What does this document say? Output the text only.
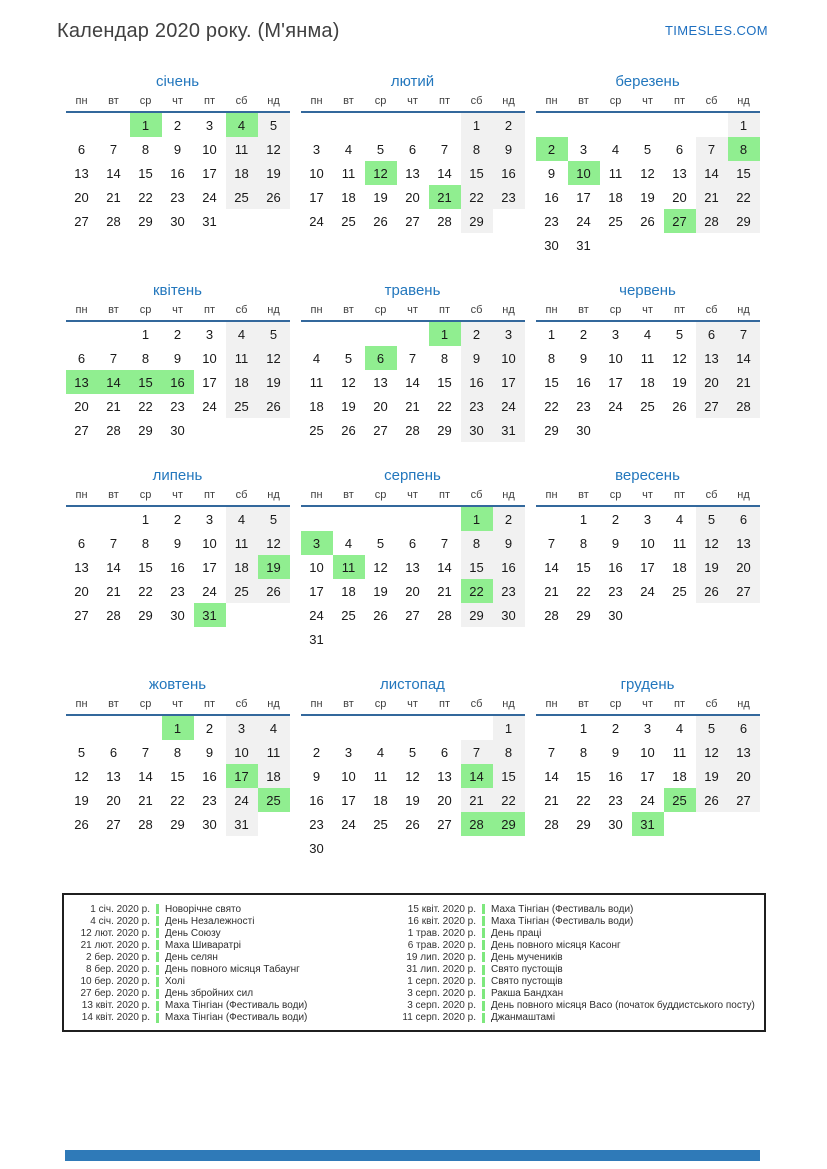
Календар 2020 року. (М'янма)	TIMESLES.COM
січень
пн	вт	ср	чт	пт	сб	нд
		1	2	3	4	5
6	7	8	9	10	11	12
13	14	15	16	17	18	19
20	21	22	23	24	25	26
27	28	29	30	31		
лютий
пн	вт	ср	чт	пт	сб	нд
					1	2
3	4	5	6	7	8	9
10	11	12	13	14	15	16
17	18	19	20	21	22	23
24	25	26	27	28	29	
березень
пн	вт	ср	чт	пт	сб	нд
						1
2	3	4	5	6	7	8
9	10	11	12	13	14	15
16	17	18	19	20	21	22
23	24	25	26	27	28	29
30	31					
квітень
пн	вт	ср	чт	пт	сб	нд
		1	2	3	4	5
6	7	8	9	10	11	12
13	14	15	16	17	18	19
20	21	22	23	24	25	26
27	28	29	30			
травень
пн	вт	ср	чт	пт	сб	нд
				1	2	3
4	5	6	7	8	9	10
11	12	13	14	15	16	17
18	19	20	21	22	23	24
25	26	27	28	29	30	31
червень
пн	вт	ср	чт	пт	сб	нд
1	2	3	4	5	6	7
8	9	10	11	12	13	14
15	16	17	18	19	20	21
22	23	24	25	26	27	28
29	30					
липень
пн	вт	ср	чт	пт	сб	нд
		1	2	3	4	5
6	7	8	9	10	11	12
13	14	15	16	17	18	19
20	21	22	23	24	25	26
27	28	29	30	31		
серпень
пн	вт	ср	чт	пт	сб	нд
					1	2
3	4	5	6	7	8	9
10	11	12	13	14	15	16
17	18	19	20	21	22	23
24	25	26	27	28	29	30
31						
вересень
пн	вт	ср	чт	пт	сб	нд
	1	2	3	4	5	6
7	8	9	10	11	12	13
14	15	16	17	18	19	20
21	22	23	24	25	26	27
28	29	30				
жовтень
пн	вт	ср	чт	пт	сб	нд
			1	2	3	4
5	6	7	8	9	10	11
12	13	14	15	16	17	18
19	20	21	22	23	24	25
26	27	28	29	30	31	
листопад
пн	вт	ср	чт	пт	сб	нд
						1
2	3	4	5	6	7	8
9	10	11	12	13	14	15
16	17	18	19	20	21	22
23	24	25	26	27	28	29
30						
грудень
пн	вт	ср	чт	пт	сб	нд
	1	2	3	4	5	6
7	8	9	10	11	12	13
14	15	16	17	18	19	20
21	22	23	24	25	26	27
28	29	30	31			
1 січ. 2020 р. Новорічне свято
4 січ. 2020 р. День Незалежності
12 лют. 2020 р. День Союзу
21 лют. 2020 р. Маха Шиваратрі
2 бер. 2020 р. День селян
8 бер. 2020 р. День повного місяця Табаунг
10 бер. 2020 р. Холі
27 бер. 2020 р. День збройних сил
13 квіт. 2020 р. Маха Тінгіан (Фестиваль води)
14 квіт. 2020 р. Маха Тінгіан (Фестиваль води)
15 квіт. 2020 р. Маха Тінгіан (Фестиваль води)
16 квіт. 2020 р. Маха Тінгіан (Фестиваль води)
1 трав. 2020 р. День праці
6 трав. 2020 р. День повного місяця Касонг
19 лип. 2020 р. День мучеників
31 лип. 2020 р. Свято пустощів
1 серп. 2020 р. Свято пустощів
3 серп. 2020 р. Ракша Бандхан
3 серп. 2020 р. День повного місяця Васо (початок буддистського посту)
11 серп. 2020 р. Джанмаштамі
